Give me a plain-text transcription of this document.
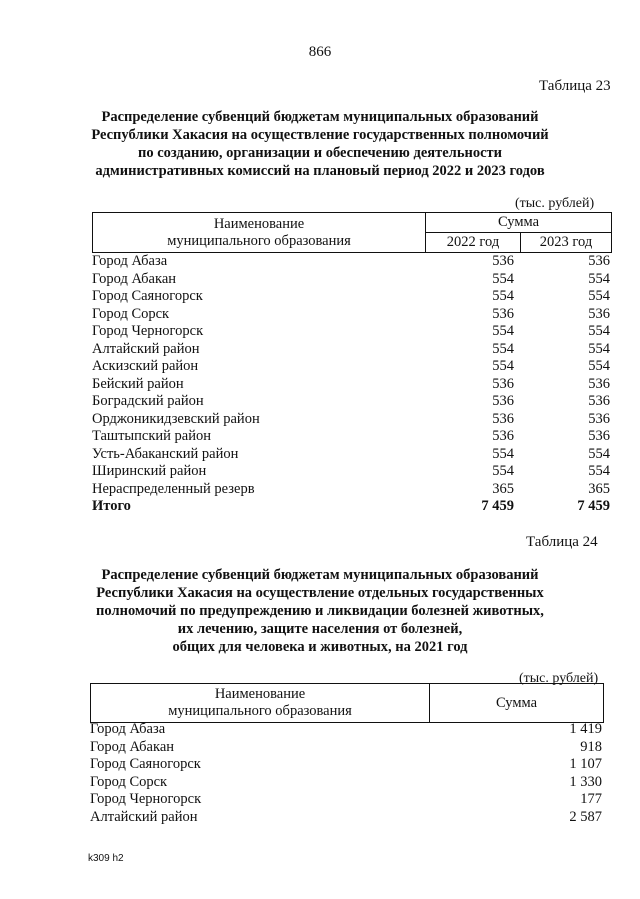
866
Таблица 23
Распределение субвенций бюджетам муниципальных образований
Республики Хакасия на осуществление государственных полномочий
по созданию, организации и обеспечению деятельности
административных комиссий на плановый период 2022 и 2023 годов
(тыс. рублей)
Наименование
муниципального образования	Сумма	
	2022 год	2023 год
Город Абаза	536	536
Город Абакан	554	554
Город Саяногорск	554	554
Город Сорск	536	536
Город Черногорск	554	554
Алтайский район	554	554
Аскизский район	554	554
Бейский район	536	536
Боградский район	536	536
Орджоникидзевский район	536	536
Таштыпский район	536	536
Усть-Абаканский район	554	554
Ширинский район	554	554
Нераспределенный резерв	365	365
Итого	7 459	7 459
Таблица 24
Распределение субвенций бюджетам муниципальных образований
Республики Хакасия на осуществление отдельных государственных
полномочий по предупреждению и ликвидации болезней животных,
их лечению, защите населения от болезней,
общих для человека и животных, на 2021 год
(тыс. рублей)
Наименование
муниципального образования
	Сумма
Город Абаза	1 419
Город Абакан	918
Город Саяногорск	1 107
Город Сорск	1 330
Город Черногорск	177
Алтайский район	2 587
k309 h2
